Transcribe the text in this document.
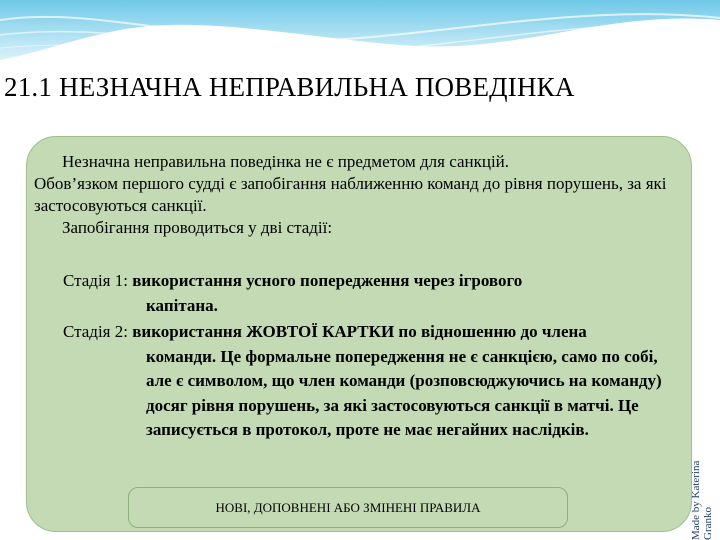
21.1 НЕЗНАЧНА НЕПРАВИЛЬНА ПОВЕДІНКА
Незначна неправильна поведінка не є предметом для санкцій.
Обов’язком першого судді є запобігання наближенню команд до рівня порушень, за які застосовуються санкції.
Запобігання проводиться у дві стадії:
Стадія 1: використання усного попередження через ігрового
капітана.
Стадія 2: використання ЖОВТОЇ КАРТКИ по відношенню до члена
команди. Це формальне попередження не є санкцією, само по собі, але є символом, що член команди (розповсюджуючись на команду) досяг рівня порушень, за які застосовуються санкції в матчі. Це записується в протокол, проте не має негайних наслідків.
НОВІ, ДОПОВНЕНІ АБО ЗМІНЕНІ ПРАВИЛА	Made by Katerina Granko
